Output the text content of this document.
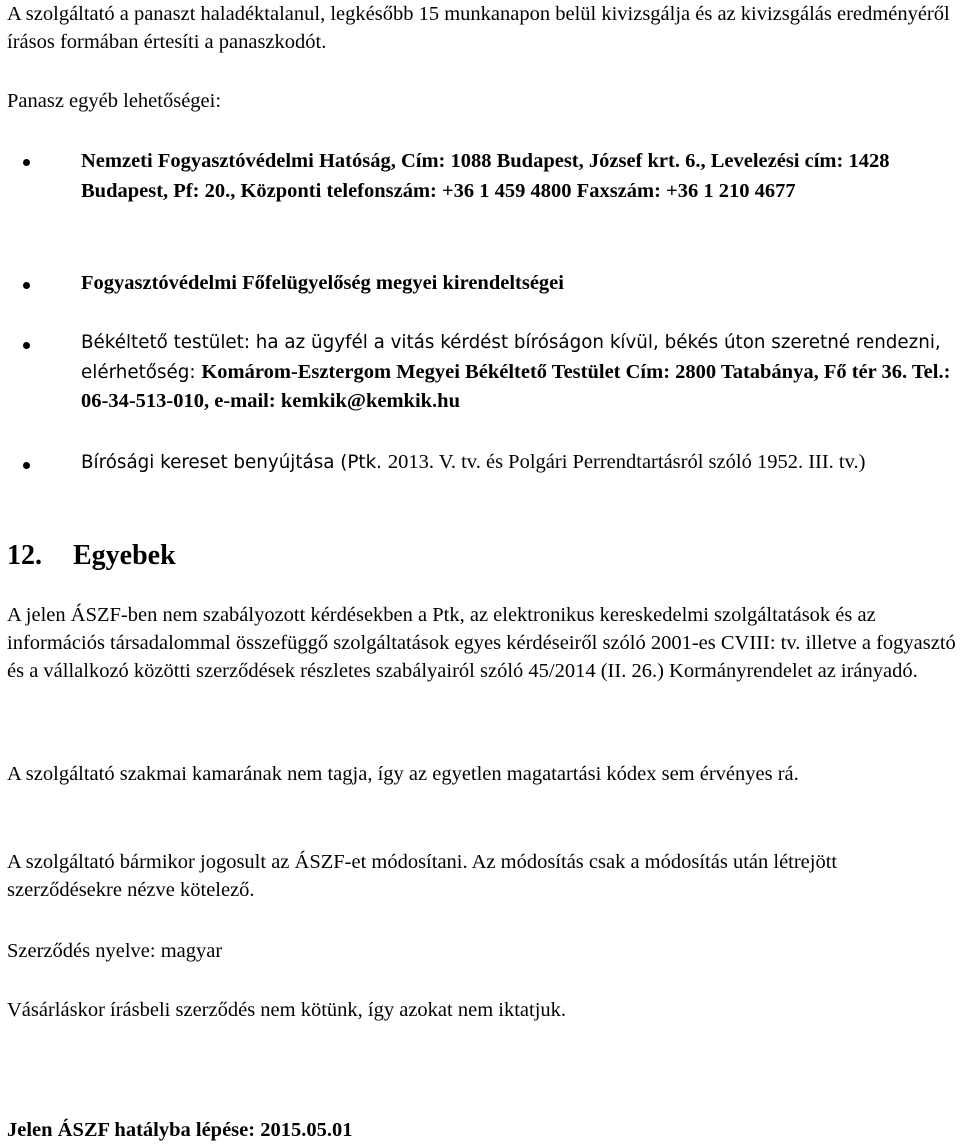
A szolgáltató a panaszt haladéktalanul, legkésőbb 15 munkanapon belül kivizsgálja és az kivizsgálás eredményéről írásos formában értesíti a panaszkodót.

Panasz egyéb lehetőségei:

Nemzeti Fogyasztóvédelmi Hatóság, Cím: 1088 Budapest, József krt. 6., Levelezési cím: 1428 Budapest, Pf: 20., Központi telefonszám: +36 1 459 4800 Faxszám: +36 1 210 4677

Fogyasztóvédelmi Főfelügyelőség megyei kirendeltségei

Békéltető testület: ha az ügyfél a vitás kérdést bíróságon kívül, békés úton szeretné rendezni, elérhetőség: Komárom-Esztergom Megyei Békéltető Testület Cím: 2800 Tatabánya, Fő tér 36. Tel.: 06-34-513-010, e-mail: kemkik@kemkik.hu

Bírósági kereset benyújtása (Ptk. 2013. V. tv. és Polgári Perrendtartásról szóló 1952. III. tv.)

12. Egyebek

A jelen ÁSZF-ben nem szabályozott kérdésekben a Ptk, az elektronikus kereskedelmi szolgáltatások és az információs társadalommal összefüggő szolgáltatások egyes kérdéseiről szóló 2001-es CVIII: tv. illetve a fogyasztó és a vállalkozó közötti szerződések részletes szabályairól szóló 45/2014 (II. 26.) Kormányrendelet az irányadó.

A szolgáltató szakmai kamarának nem tagja, így az egyetlen magatartási kódex sem érvényes rá.

A szolgáltató bármikor jogosult az ÁSZF-et módosítani. Az módosítás csak a módosítás után létrejött szerződésekre nézve kötelező.

Szerződés nyelve: magyar

Vásárláskor írásbeli szerződés nem kötünk, így azokat nem iktatjuk.

Jelen ÁSZF hatályba lépése: 2015.05.01
